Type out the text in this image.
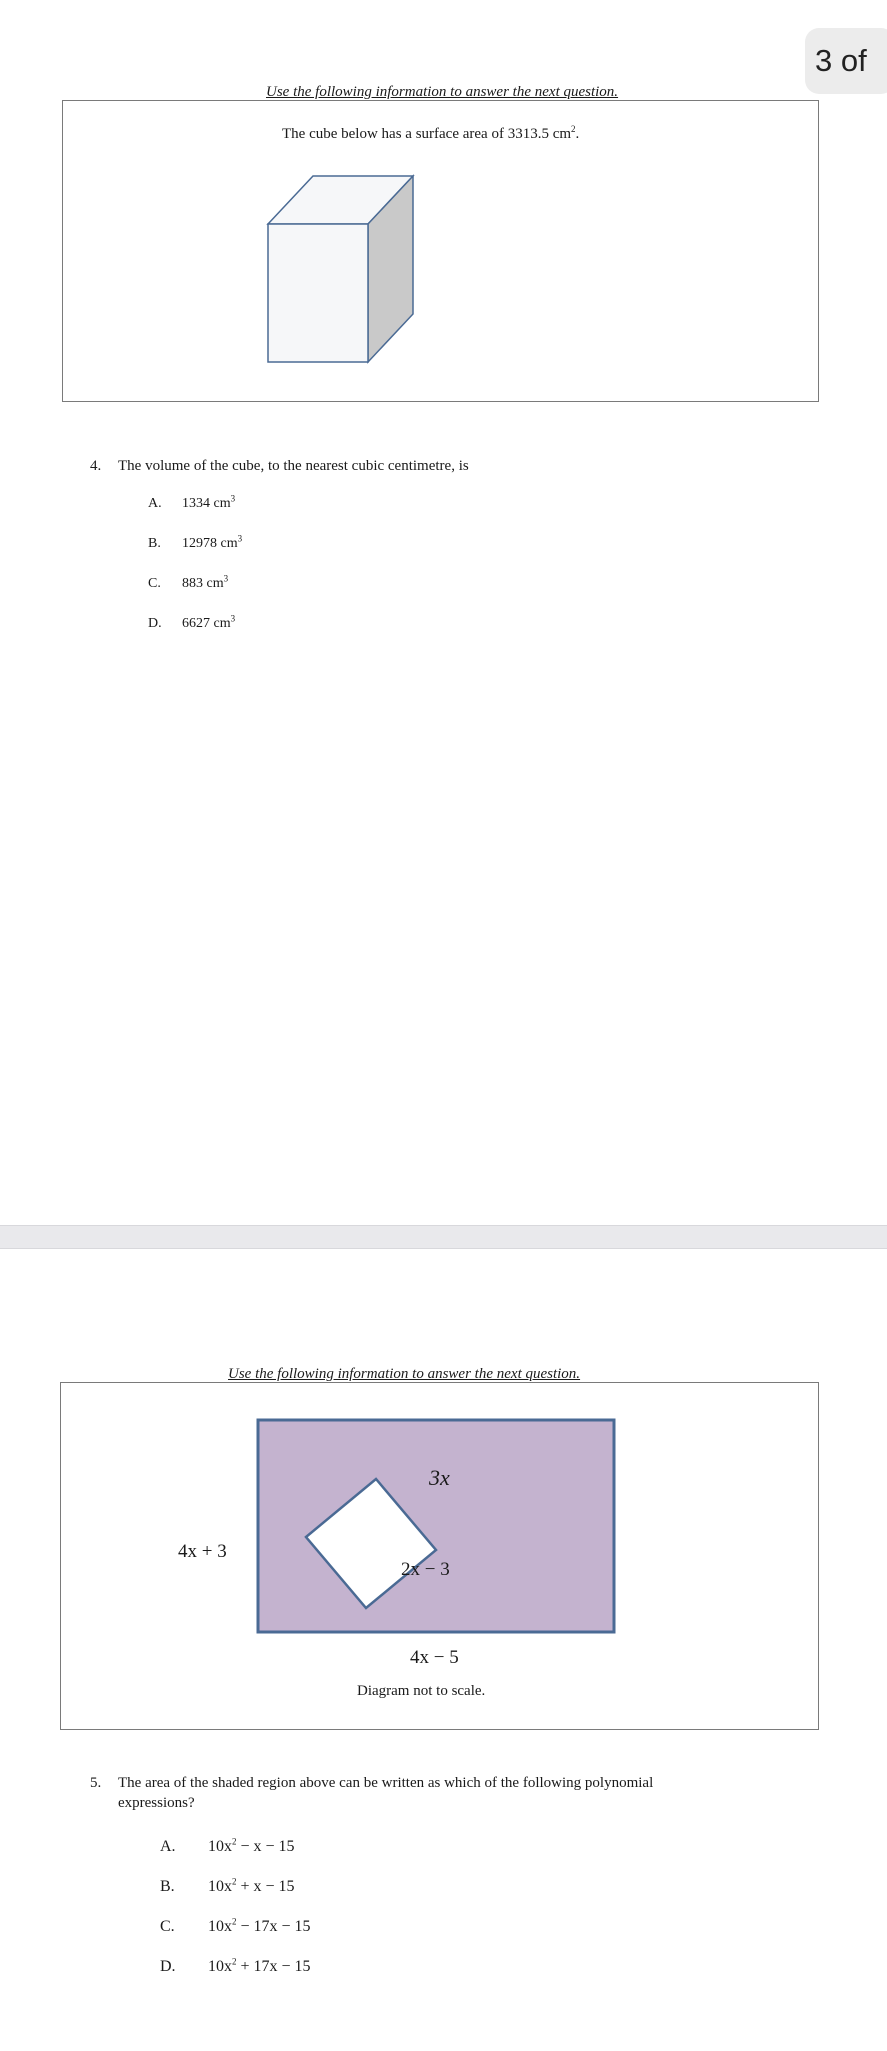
3 of
Use the following information to answer the next question.
The cube below has a surface area of 3313.5 $cm^2$.
4. The volume of the cube, to the nearest cubic centimetre, is
A. 1334 $cm^3$
B. 12978 $cm^3$
C. 883 $cm^3$
D. 6627 $cm^3$
Use the following information to answer the next question.
3x
4x + 3
2x − 3
4x − 5
Diagram not to scale.
5. The area of the shaded region above can be written as which of the following polynomial
expressions?
A. $10x^2 - x - 15$
B. $10x^2 + x - 15$
C. $10x^2 - 17x - 15$
D. $10x^2 + 17x - 15$
